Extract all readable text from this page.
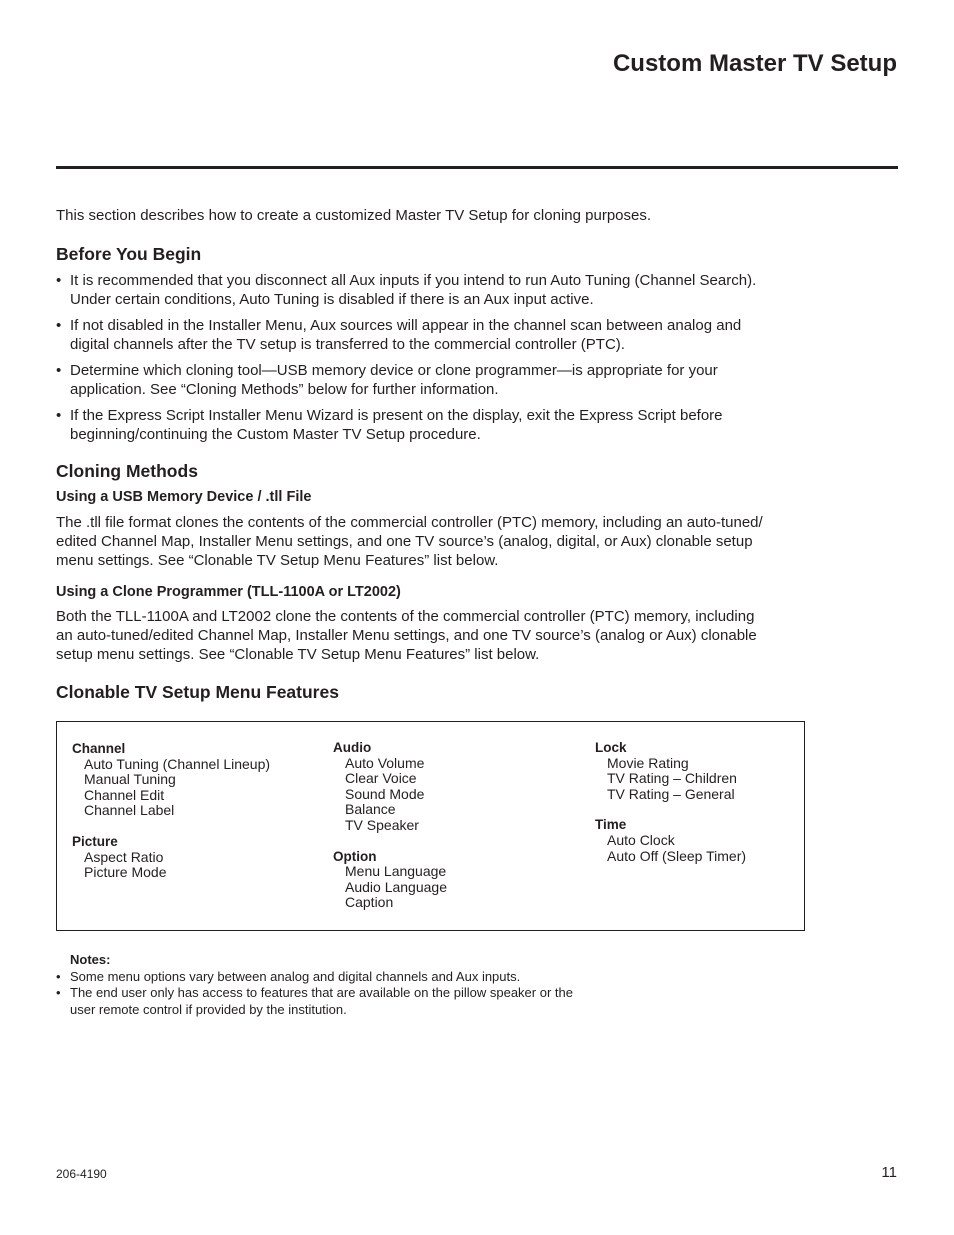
Custom Master TV Setup
This section describes how to create a customized Master TV Setup for cloning purposes.
Before You Begin
• It is recommended that you disconnect all Aux inputs if you intend to run Auto Tuning (Channel Search).
Under certain conditions, Auto Tuning is disabled if there is an Aux input active.
• If not disabled in the Installer Menu, Aux sources will appear in the channel scan between analog and
digital channels after the TV setup is transferred to the commercial controller (PTC).
• Determine which cloning tool—USB memory device or clone programmer—is appropriate for your
application. See “Cloning Methods” below for further information.
• If the Express Script Installer Menu Wizard is present on the display, exit the Express Script before
beginning/continuing the Custom Master TV Setup procedure.
Cloning Methods
Using a USB Memory Device / .tll File
The .tll file format clones the contents of the commercial controller (PTC) memory, including an auto-tuned/
edited Channel Map, Installer Menu settings, and one TV source’s (analog, digital, or Aux) clonable setup
menu settings. See “Clonable TV Setup Menu Features” list below.
Using a Clone Programmer (TLL-1100A or LT2002)
Both the TLL-1100A and LT2002 clone the contents of the commercial controller (PTC) memory, including
an auto-tuned/edited Channel Map, Installer Menu settings, and one TV source’s (analog or Aux) clonable
setup menu settings. See “Clonable TV Setup Menu Features” list below.
Clonable TV Setup Menu Features
Channel
Auto Tuning (Channel Lineup)
Manual Tuning
Channel Edit
Channel Label
Picture
Aspect Ratio
Picture Mode
Audio
Auto Volume
Clear Voice
Sound Mode
Balance
TV Speaker
Option
Menu Language
Audio Language
Caption
Lock
Movie Rating
TV Rating – Children
TV Rating – General
Time
Auto Clock
Auto Off (Sleep Timer)
Notes:
• Some menu options vary between analog and digital channels and Aux inputs.
• The end user only has access to features that are available on the pillow speaker or the
user remote control if provided by the institution.
206-4190	11
